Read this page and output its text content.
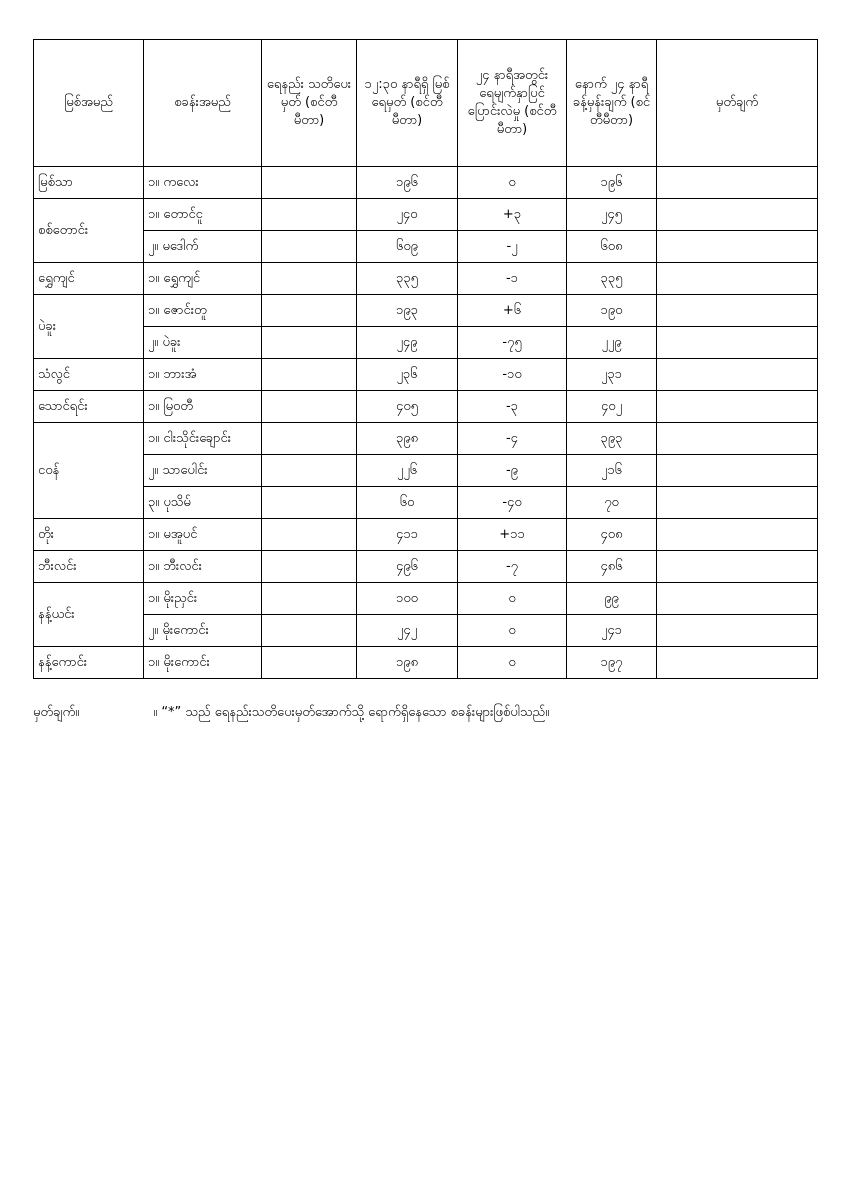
မြစ်အမည်	စခန်းအမည်	ရေနည်း သတိပေးမှတ် (စင်တီမီတာ)	၁၂:၃၀ နာရီရှိ မြစ်ရေမှတ် (စင်တီမီတာ)	၂၄ နာရီအတွင်း ရေမျက်နှာပြင် ပြောင်းလဲမှု (စင်တီမီတာ)	နောက် ၂၄ နာရီ ခန့်မှန်းချက် (စင်တီမီတာ)	မှတ်ချက်
မြစ်သာ	၁။ ကလေး		၁၉၆	၀	၁၉၆	
စစ်တောင်း	၁။ တောင်ငူ		၂၄၀	+၃	၂၄၅	
	၂။ မဒေါက်		၆၀၉	-၂	၆၀၈	
ရွှေကျင်	၁။ ရွှေကျင်		၃၃၅	-၁	၃၃၅	
ပဲခူး	၁။ ဇောင်းတူ		၁၉၃	+၆	၁၉၀	
	၂။ ပဲခူး		၂၄၉	-၇၅	၂၂၉	
သံလွင်	၁။ ဘားအံ		၂၃၆	-၁၀	၂၃၁	
သောင်ရင်း	၁။ မြဝတီ		၄၀၅	-၃	၄၀၂	
ငဝန်	၁။ ငါးသိုင်းချောင်း		၃၉၈	-၄	၃၉၃	
	၂။ သာပေါင်း		၂၂၆	-၉	၂၁၆	
	၃။ ပုသိမ်		၆၀	-၄၀	၇၀	
တိုး	၁။ မအူပင်		၄၁၁	+၁၁	၄၀၈	
ဘီးလင်း	၁။ ဘီးလင်း		၄၉၆	-၇	၄၈၆	
နန့်ယင်း	၁။ မိုးညှင်း		၁၀၀	၀	၉၉	
	၂။ မိုးကောင်း		၂၄၂	၀	၂၄၁	
နန့်ကောင်း	၁။ မိုးကောင်း		၁၉၈	၀	၁၉၇	
မှတ်ချက်။	။ “*” သည် ရေနည်းသတိပေးမှတ်အောက်သို့ ရောက်ရှိနေသော စခန်းများဖြစ်ပါသည်။
